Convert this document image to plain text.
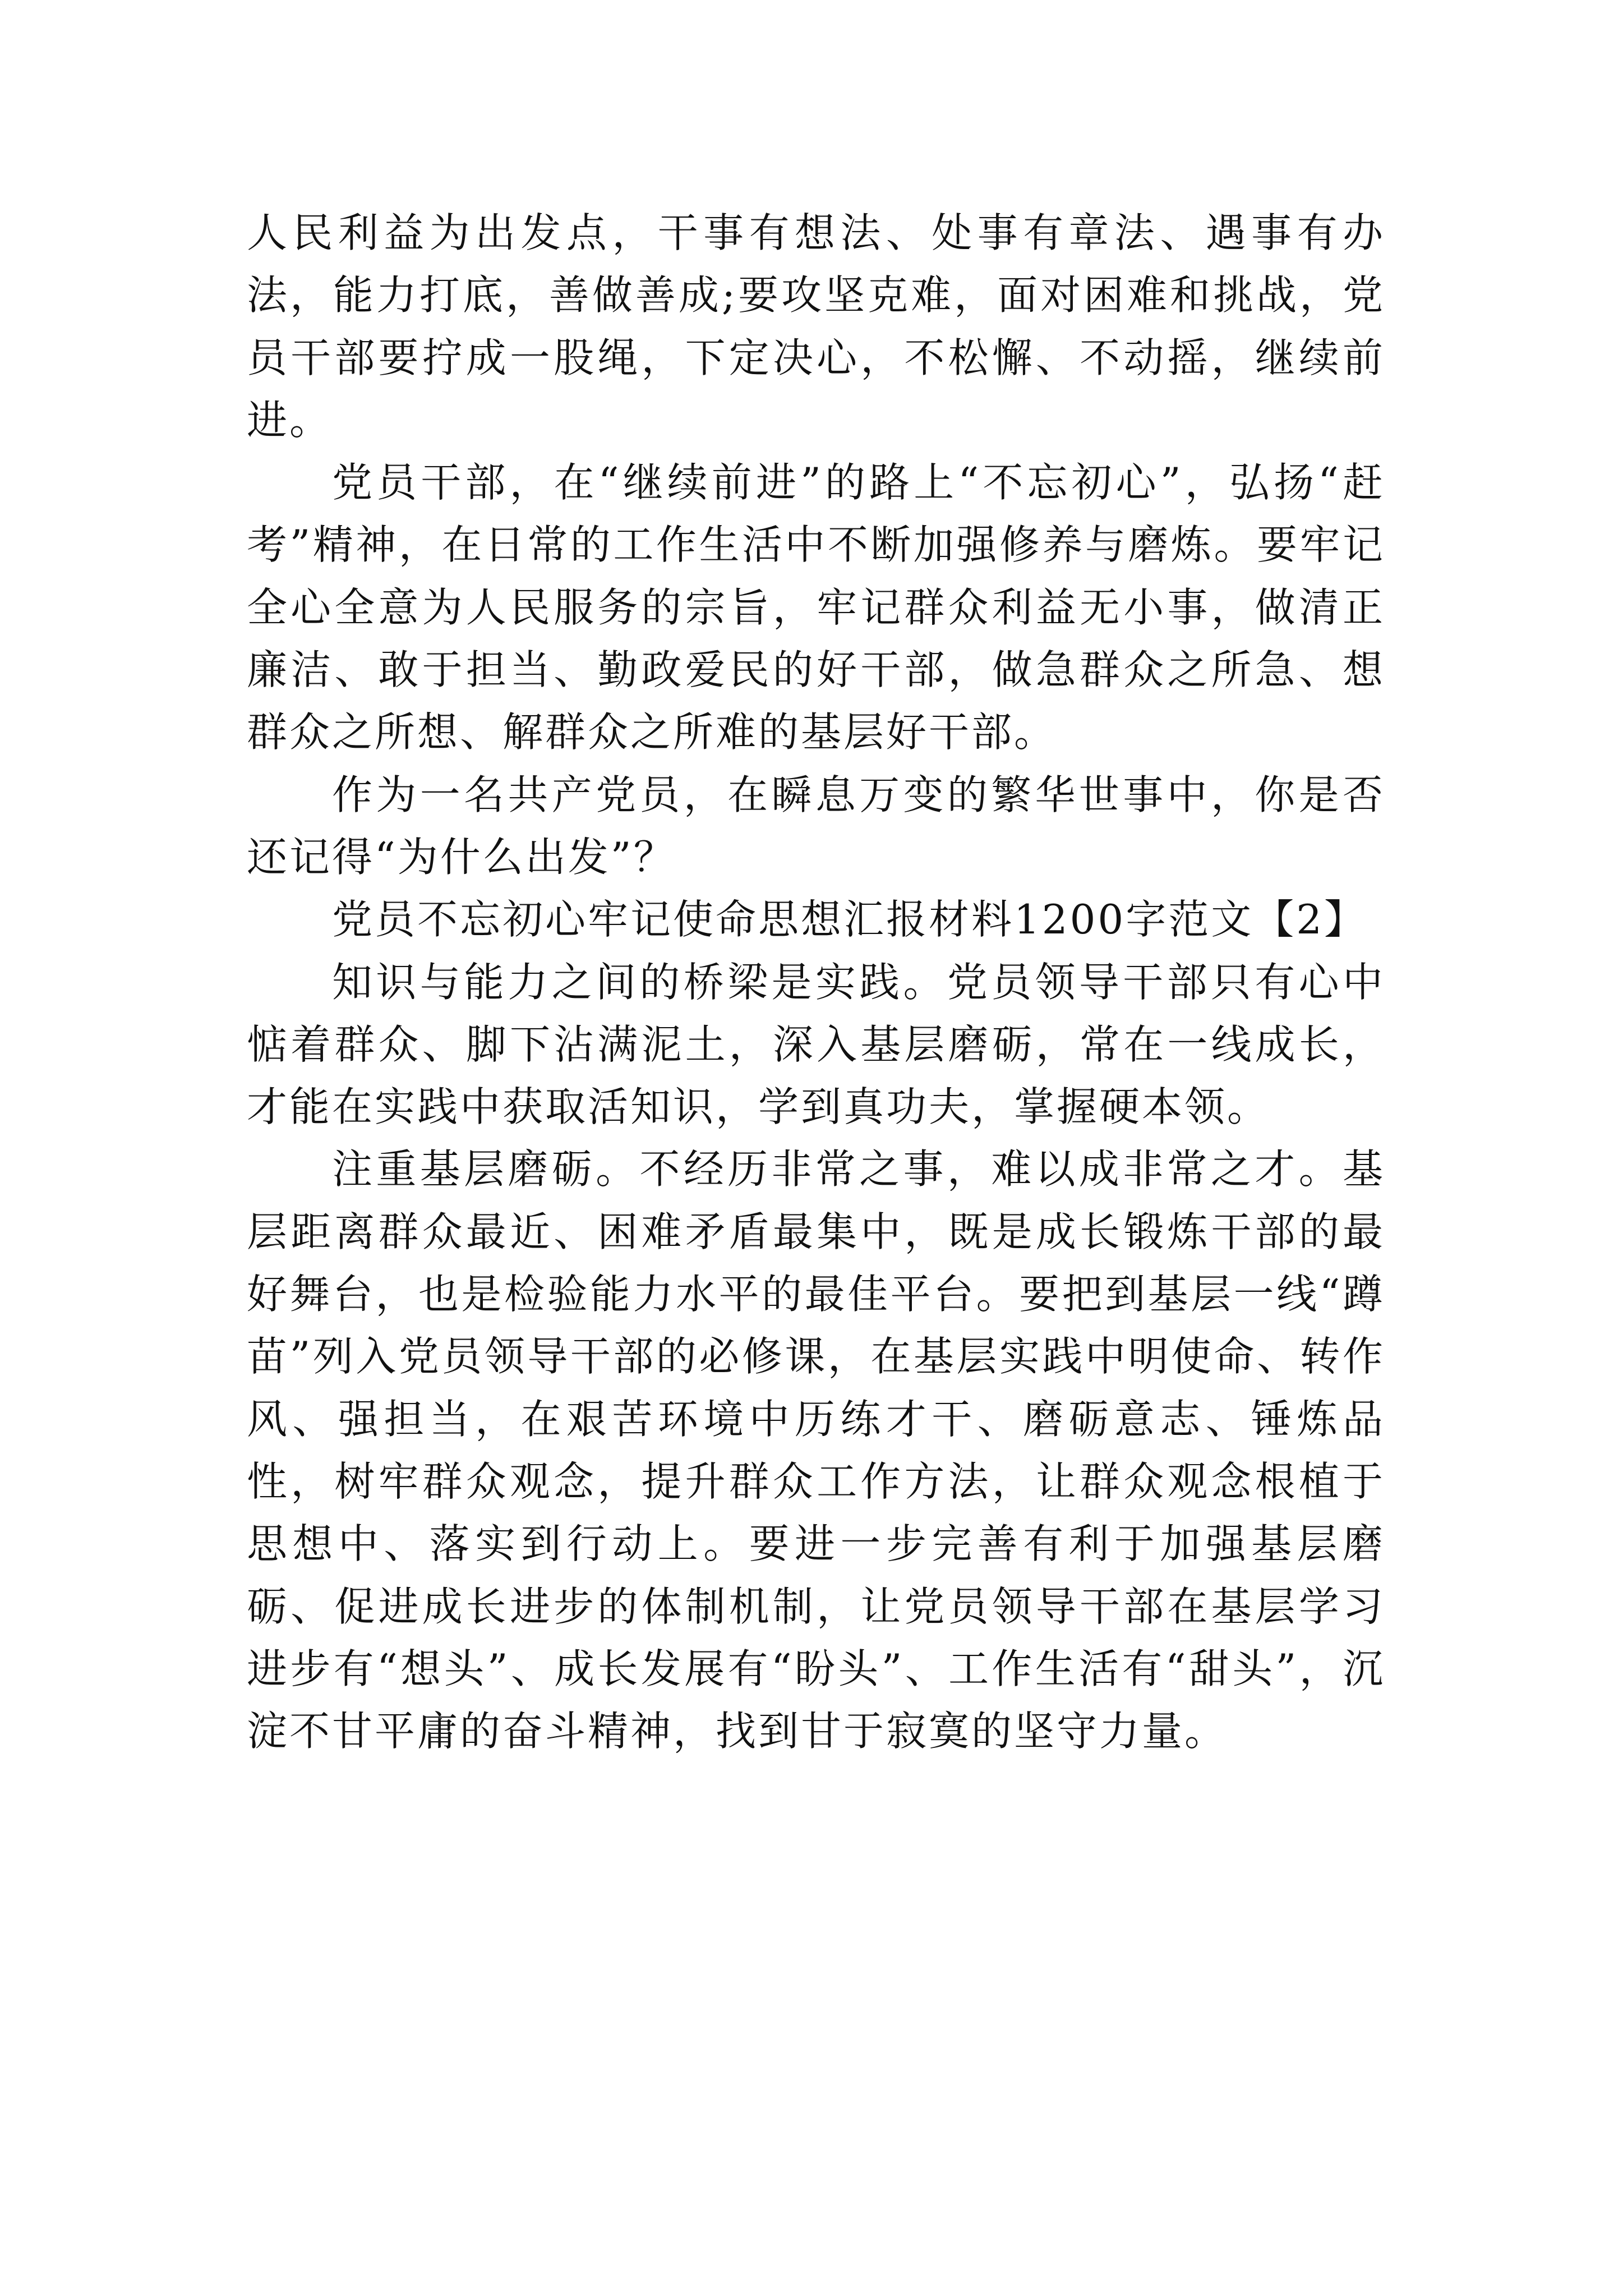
人民利益为出发点，干事有想法、处事有章法、遇事有办法，能力打底，善做善成;要攻坚克难，面对困难和挑战，党员干部要拧成一股绳，下定决心，不松懈、不动摇，继续前进。

党员干部，在“继续前进”的路上“不忘初心”，弘扬“赶考”精神，在日常的工作生活中不断加强修养与磨炼。要牢记全心全意为人民服务的宗旨，牢记群众利益无小事，做清正廉洁、敢于担当、勤政爱民的好干部，做急群众之所急、想群众之所想、解群众之所难的基层好干部。

作为一名共产党员，在瞬息万变的繁华世事中，你是否还记得“为什么出发”？

党员不忘初心牢记使命思想汇报材料1200字范文【2】

知识与能力之间的桥梁是实践。党员领导干部只有心中惦着群众、脚下沾满泥土，深入基层磨砺，常在一线成长，才能在实践中获取活知识，学到真功夫，掌握硬本领。

注重基层磨砺。不经历非常之事，难以成非常之才。基层距离群众最近、困难矛盾最集中，既是成长锻炼干部的最好舞台，也是检验能力水平的最佳平台。要把到基层一线“蹲苗”列入党员领导干部的必修课，在基层实践中明使命、转作风、强担当，在艰苦环境中历练才干、磨砺意志、锤炼品性，树牢群众观念，提升群众工作方法，让群众观念根植于思想中、落实到行动上。要进一步完善有利于加强基层磨砺、促进成长进步的体制机制，让党员领导干部在基层学习进步有“想头”、成长发展有“盼头”、工作生活有“甜头”，沉淀不甘平庸的奋斗精神，找到甘于寂寞的坚守力量。
